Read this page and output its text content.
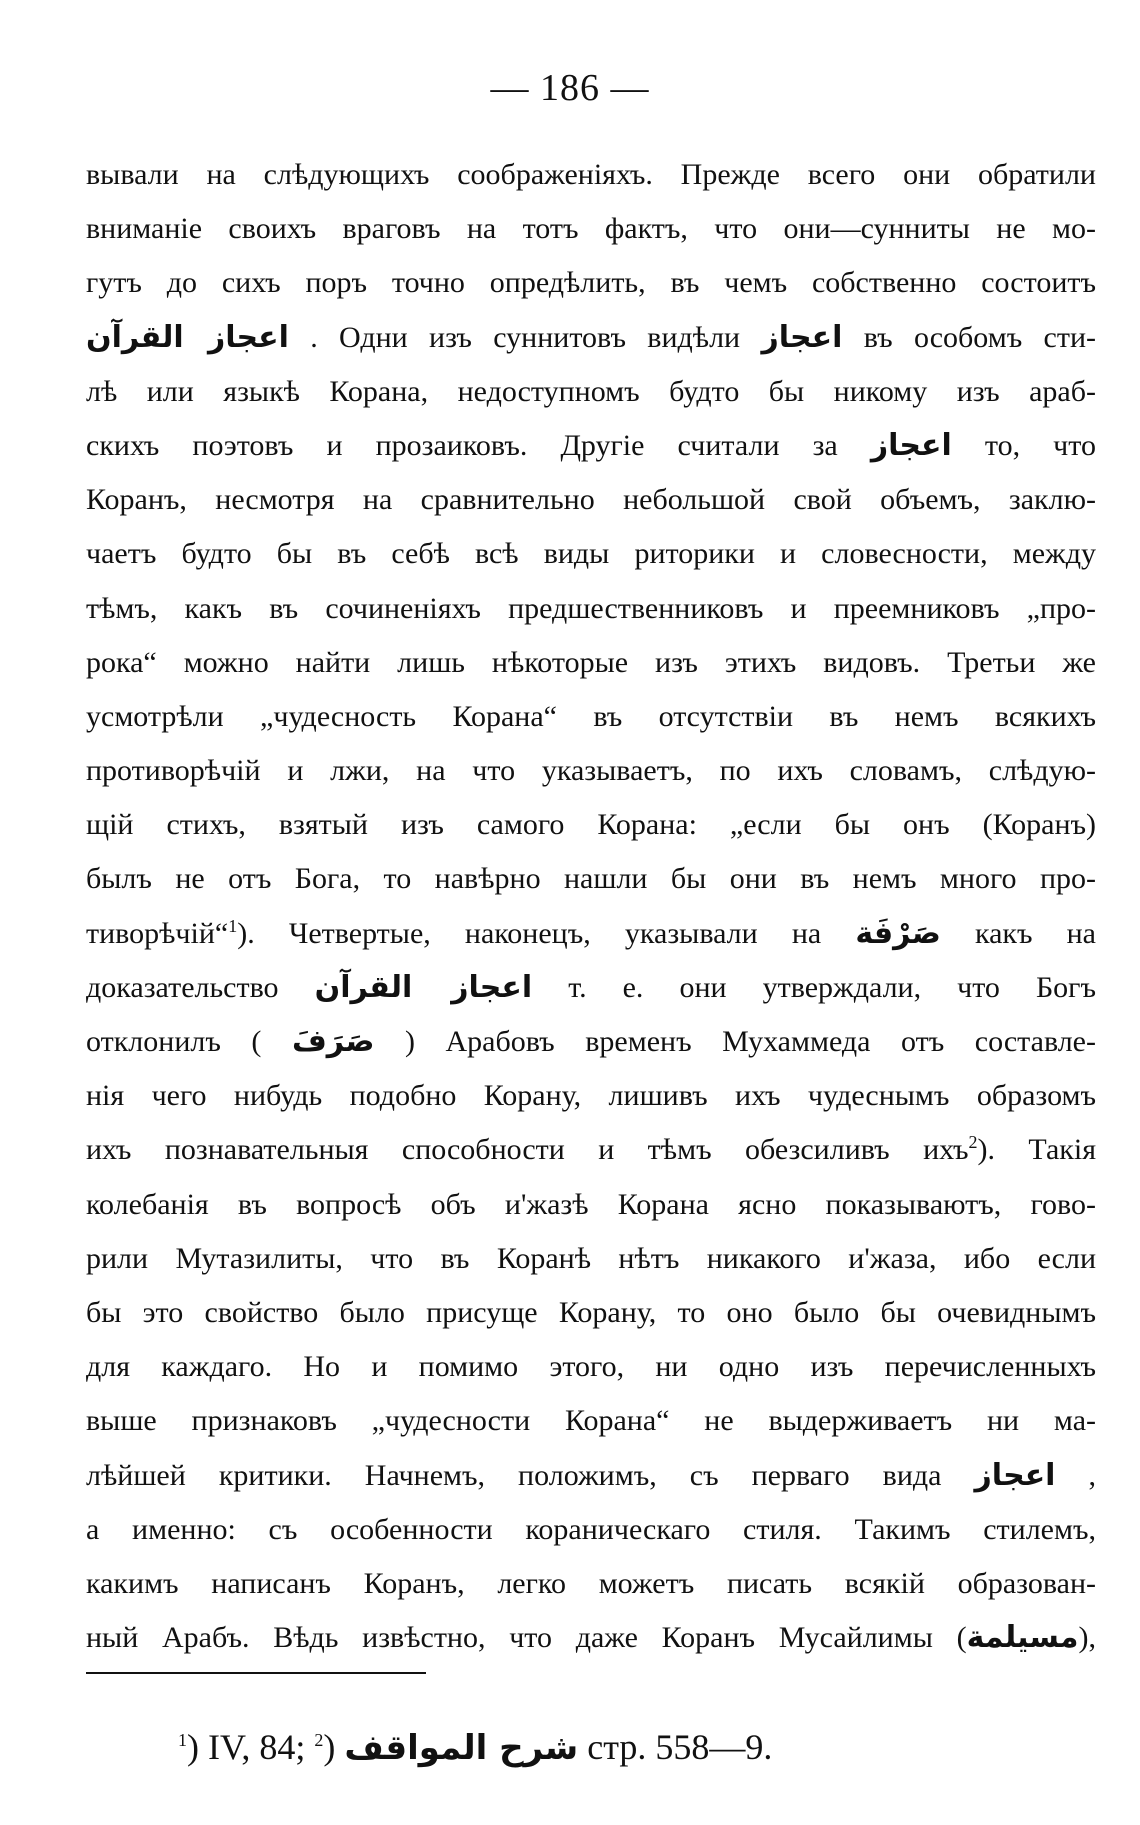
— 186 —
вывали на слѣдующихъ соображеніяхъ. Прежде всего они обратили
вниманіе своихъ враговъ на тотъ фактъ, что они—сунниты не мо-
гутъ до сихъ поръ точно опредѣлить, въ чемъ собственно состоитъ
اعجاز القرآن . Одни изъ суннитовъ видѣли اعجاز въ особомъ сти-
лѣ или языкѣ Корана, недоступномъ будто бы никому изъ араб-
скихъ поэтовъ и прозаиковъ. Другіе считали за اعجاز то, что
Коранъ, несмотря на сравнительно небольшой свой объемъ, заклю-
чаетъ будто бы въ себѣ всѣ виды риторики и словесности, между
тѣмъ, какъ въ сочиненіяхъ предшественниковъ и преемниковъ „про-
рока“ можно найти лишь нѣкоторые изъ этихъ видовъ. Третьи же
усмотрѣли „чудесность Корана“ въ отсутствіи въ немъ всякихъ
противорѣчій и лжи, на что указываетъ, по ихъ словамъ, слѣдую-
щій стихъ, взятый изъ самого Корана: „если бы онъ (Коранъ)
былъ не отъ Бога, то навѣрно нашли бы они въ немъ много про-
тиворѣчій“$^1$). Четвертые, наконецъ, указывали на صَرْفَة какъ на
доказательство اعجاز القرآن т. е. они утверждали, что Богъ
отклонилъ ( صَرَفَ ) Арабовъ временъ Мухаммеда отъ составле-
нія чего нибудь подобно Корану, лишивъ ихъ чудеснымъ образомъ
ихъ познавательныя способности и тѣмъ обезсиливъ ихъ$^2$). Такія
колебанія въ вопросѣ объ и'жазѣ Корана ясно показываютъ, гово-
рили Мутазилиты, что въ Коранѣ нѣтъ никакого и'жаза, ибо если
бы это свойство было присуще Корану, то оно было бы очевиднымъ
для каждаго. Но и помимо этого, ни одно изъ перечисленныхъ
выше признаковъ „чудесности Корана“ не выдерживаетъ ни ма-
лѣйшей критики. Начнемъ, положимъ, съ перваго вида اعجاز ,
а именно: съ особенности кораническаго стиля. Такимъ стилемъ,
какимъ написанъ Коранъ, легко можетъ писать всякій образован-
ный Арабъ. Вѣдь извѣстно, что даже Коранъ Мусайлимы (مسيلمة),
$^1$) IV, 84; $^2$) شرح المواقف стр. 558—9.
